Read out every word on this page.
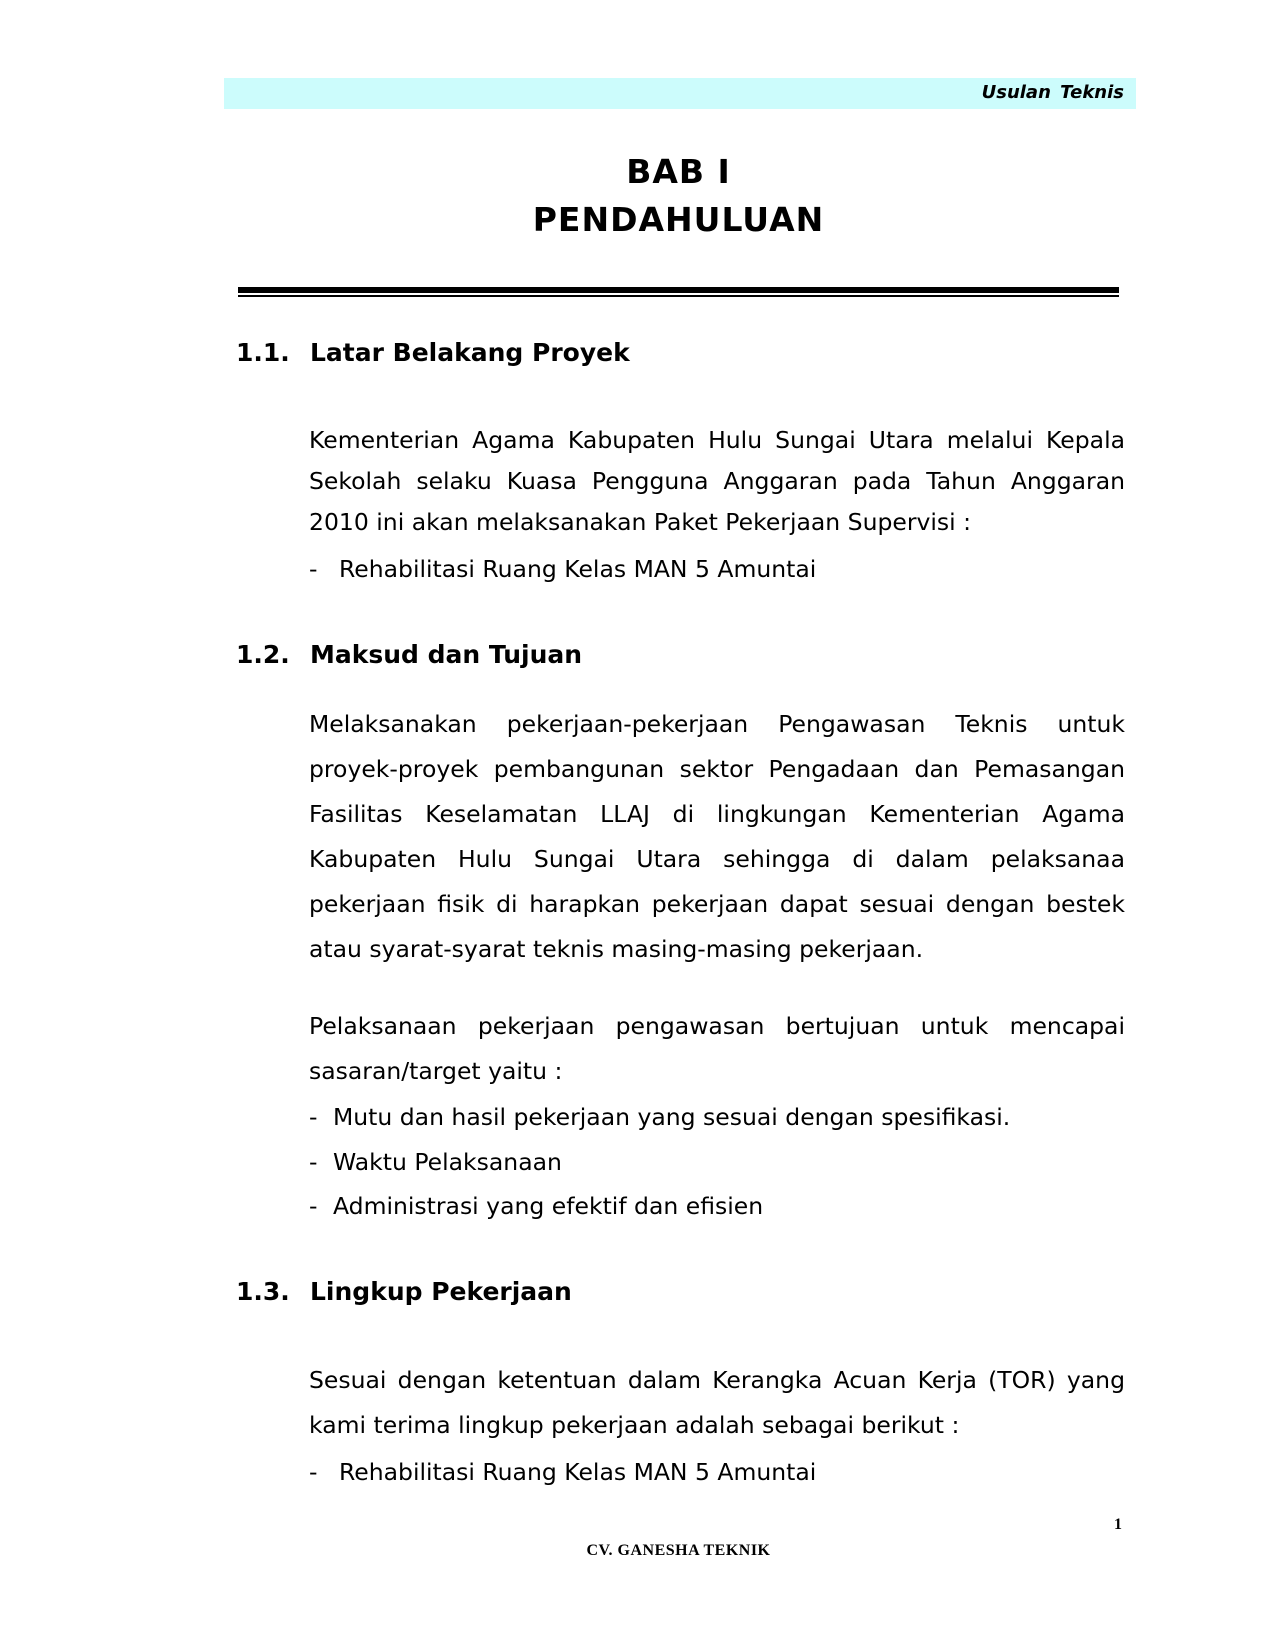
Usulan Teknis
BAB I
PENDAHULUAN
1.1. Latar Belakang Proyek

Kementerian Agama Kabupaten Hulu Sungai Utara melalui Kepala Sekolah selaku Kuasa Pengguna Anggaran pada Tahun Anggaran 2010 ini akan melaksanakan Paket Pekerjaan Supervisi :

- Rehabilitasi Ruang Kelas MAN 5 Amuntai
1.2. Maksud dan Tujuan

Melaksanakan pekerjaan-pekerjaan Pengawasan Teknis untuk proyek-proyek pembangunan sektor Pengadaan dan Pemasangan Fasilitas Keselamatan LLAJ di lingkungan Kementerian Agama Kabupaten Hulu Sungai Utara sehingga di dalam pelaksanaa pekerjaan fisik di harapkan pekerjaan dapat sesuai dengan bestek atau syarat-syarat teknis masing-masing pekerjaan.

Pelaksanaan pekerjaan pengawasan bertujuan untuk mencapai sasaran/target yaitu :

- Mutu dan hasil pekerjaan yang sesuai dengan spesifikasi.
- Waktu Pelaksanaan
- Administrasi yang efektif dan efisien
1.3. Lingkup Pekerjaan

Sesuai dengan ketentuan dalam Kerangka Acuan Kerja (TOR) yang kami terima lingkup pekerjaan adalah sebagai berikut :

- Rehabilitasi Ruang Kelas MAN 5 Amuntai
1
CV. GANESHA TEKNIK
